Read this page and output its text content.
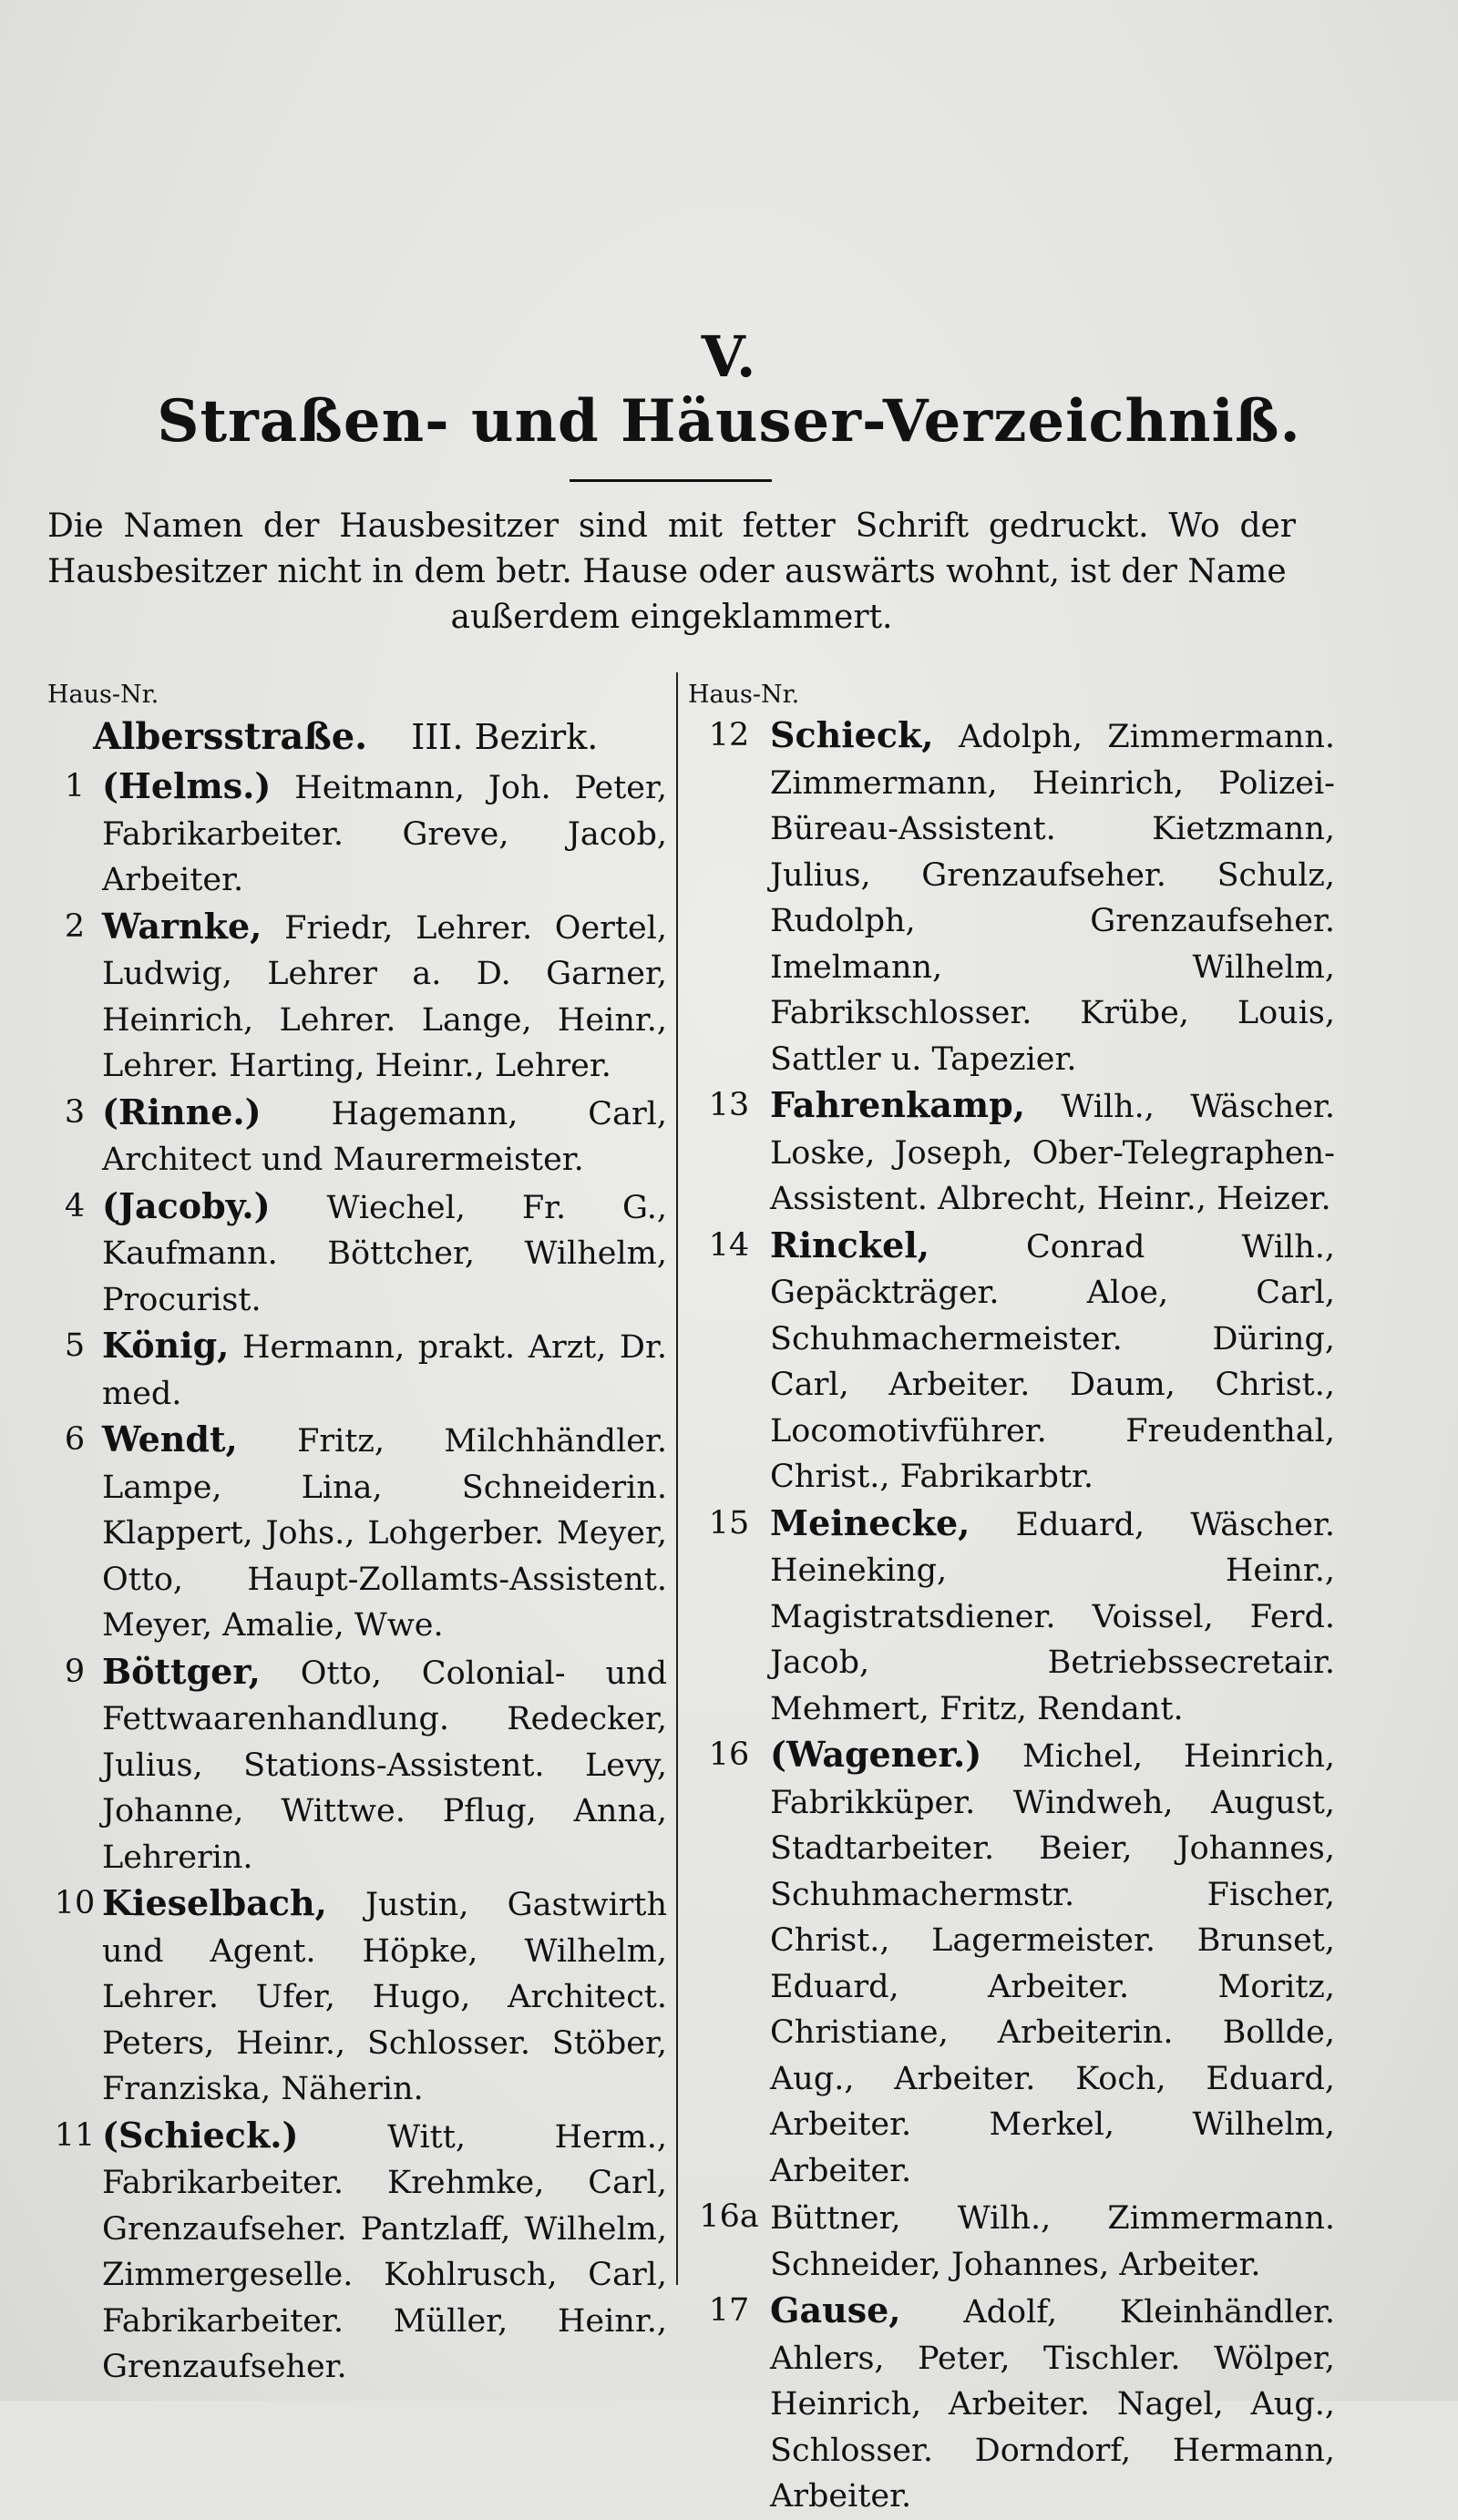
V.
Straßen- und Häuser-Verzeichniß.
Die Namen der Hausbesitzer sind mit fetter Schrift gedruckt. Wo der Hausbesitzer nicht in dem betr. Hause oder auswärts wohnt, ist der Name
außerdem eingeklammert.
Haus-Nr.
Albersstraße. III. Bezirk.
1 (Helms.) Heitmann, Joh. Peter, Fabrikarbeiter. Greve, Jacob, Arbeiter.
2 Warnke, Friedr, Lehrer. Oertel, Ludwig, Lehrer a. D. Garner, Heinrich, Lehrer. Lange, Heinr., Lehrer. Harting, Heinr., Lehrer.
3 (Rinne.) Hagemann, Carl, Architect und Maurermeister.
4 (Jacoby.) Wiechel, Fr. G., Kaufmann. Böttcher, Wilhelm, Procurist.
5 König, Hermann, prakt. Arzt, Dr. med.
6 Wendt, Fritz, Milchhändler. Lampe, Lina, Schneiderin. Klappert, Johs., Lohgerber. Meyer, Otto, Haupt-Zollamts-Assistent. Meyer, Amalie, Wwe.
9 Böttger, Otto, Colonial- und Fettwaarenhandlung. Redecker, Julius, Stations-Assistent. Levy, Johanne, Wittwe. Pflug, Anna, Lehrerin.
10 Kieselbach, Justin, Gastwirth und Agent. Höpke, Wilhelm, Lehrer. Ufer, Hugo, Architect. Peters, Heinr., Schlosser. Stöber, Franziska, Näherin.
11 (Schieck.) Witt, Herm., Fabrikarbeiter. Krehmke, Carl, Grenzaufseher. Pantzlaff, Wilhelm, Zimmergeselle. Kohlrusch, Carl, Fabrikarbeiter. Müller, Heinr., Grenzaufseher.
Haus-Nr.
12 Schieck, Adolph, Zimmermann. Zimmermann, Heinrich, Polizei-Büreau-Assistent. Kietzmann, Julius, Grenzaufseher. Schulz, Rudolph, Grenzaufseher. Imelmann, Wilhelm, Fabrikschlosser. Krübe, Louis, Sattler u. Tapezier.
13 Fahrenkamp, Wilh., Wäscher. Loske, Joseph, Ober-Telegraphen-Assistent. Albrecht, Heinr., Heizer.
14 Rinckel, Conrad Wilh., Gepäckträger. Aloe, Carl, Schuhmachermeister. Düring, Carl, Arbeiter. Daum, Christ., Locomotivführer. Freudenthal, Christ., Fabrikarbtr.
15 Meinecke, Eduard, Wäscher. Heineking, Heinr., Magistratsdiener. Voissel, Ferd. Jacob, Betriebssecretair. Mehmert, Fritz, Rendant.
16 (Wagener.) Michel, Heinrich, Fabrikküper. Windweh, August, Stadtarbeiter. Beier, Johannes, Schuhmachermstr. Fischer, Christ., Lagermeister. Brunset, Eduard, Arbeiter. Moritz, Christiane, Arbeiterin. Bollde, Aug., Arbeiter. Koch, Eduard, Arbeiter. Merkel, Wilhelm, Arbeiter.
16a Büttner, Wilh., Zimmermann. Schneider, Johannes, Arbeiter.
17 Gause, Adolf, Kleinhändler. Ahlers, Peter, Tischler. Wölper, Heinrich, Arbeiter. Nagel, Aug., Schlosser. Dorndorf, Hermann, Arbeiter.
